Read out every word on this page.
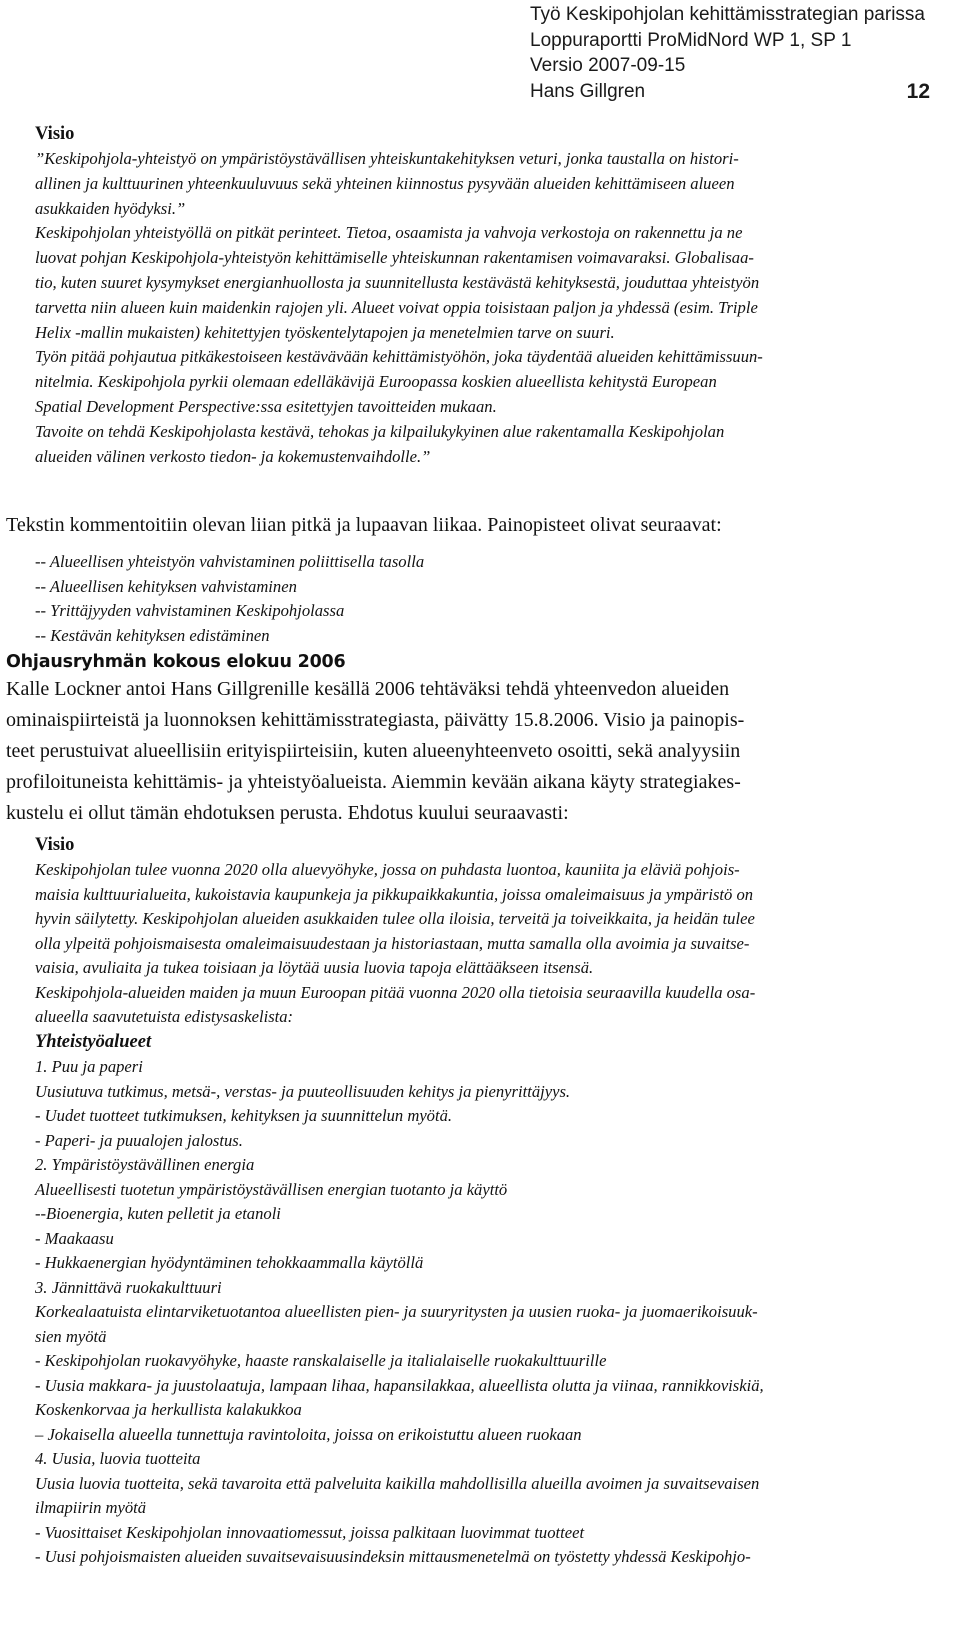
Työ Keskipohjolan kehittämisstrategian parissa
Loppuraportti ProMidNord WP 1, SP 1
Versio 2007-09-15
Hans Gillgren	12

Visio

”Keskipohjola-yhteistyö on ympäristöystävällisen yhteiskuntakehityksen veturi, jonka taustalla on histori-

allinen ja kulttuurinen yhteenkuuluvuus sekä yhteinen kiinnostus pysyvään alueiden kehittämiseen alueen

asukkaiden hyödyksi.”

Keskipohjolan yhteistyöllä on pitkät perinteet. Tietoa, osaamista ja vahvoja verkostoja on rakennettu ja ne

luovat pohjan Keskipohjola-yhteistyön kehittämiselle yhteiskunnan rakentamisen voimavaraksi. Globalisaa-

tio, kuten suuret kysymykset energianhuollosta ja suunnitellusta kestävästä kehityksestä, jouduttaa yhteistyön

tarvetta niin alueen kuin maidenkin rajojen yli. Alueet voivat oppia toisistaan paljon ja yhdessä (esim. Triple

Helix -mallin mukaisten) kehitettyjen työskentelytapojen ja menetelmien tarve on suuri.

Työn pitää pohjautua pitkäkestoiseen kestävävään kehittämistyöhön, joka täydentää alueiden kehittämissuun-

nitelmia. Keskipohjola pyrkii olemaan edelläkävijä Euroopassa koskien alueellista kehitystä European

Spatial Development Perspective:ssa esitettyjen tavoitteiden mukaan.

Tavoite on tehdä Keskipohjolasta kestävä, tehokas ja kilpailukykyinen alue rakentamalla Keskipohjolan

alueiden välinen verkosto tiedon- ja kokemustenvaihdolle.”

Tekstin kommentoitiin olevan liian pitkä ja lupaavan liikaa. Painopisteet olivat seuraavat:

-- Alueellisen yhteistyön vahvistaminen poliittisella tasolla
-- Alueellisen kehityksen vahvistaminen
-- Yrittäjyyden vahvistaminen Keskipohjolassa
-- Kestävän kehityksen edistäminen

Ohjausryhmän kokous elokuu 2006

Kalle Lockner antoi Hans Gillgrenille kesällä 2006 tehtäväksi tehdä yhteenvedon alueiden

ominaispiirteistä ja luonnoksen kehittämisstrategiasta, päivätty 15.8.2006. Visio ja painopis-

teet perustuivat alueellisiin erityispiirteisiin, kuten alueenyhteenveto osoitti, sekä analyysiin

profiloituneista kehittämis- ja yhteistyöalueista. Aiemmin kevään aikana käyty strategiakes-

kustelu ei ollut tämän ehdotuksen perusta. Ehdotus kuului seuraavasti:

Visio

Keskipohjolan tulee vuonna 2020 olla aluevyöhyke, jossa on puhdasta luontoa, kauniita ja eläviä pohjois-
maisia kulttuurialueita, kukoistavia kaupunkeja ja pikkupaikkakuntia, joissa omaleimaisuus ja ympäristö on
hyvin säilytetty. Keskipohjolan alueiden asukkaiden tulee olla iloisia, terveitä ja toiveikkaita, ja heidän tulee
olla ylpeitä pohjoismaisesta omaleimaisuudestaan ja historiastaan, mutta samalla olla avoimia ja suvaitse-
vaisia, avuliaita ja tukea toisiaan ja löytää uusia luovia tapoja elättääkseen itsensä.
Keskipohjola-alueiden maiden ja muun Euroopan pitää vuonna 2020 olla tietoisia seuraavilla kuudella osa-
alueella saavutetuista edistysaskelista:

Yhteistyöalueet

1. Puu ja paperi
Uusiutuva tutkimus, metsä-, verstas- ja puuteollisuuden kehitys ja pienyrittäjyys.
- Uudet tuotteet tutkimuksen, kehityksen ja suunnittelun myötä.
- Paperi- ja puualojen jalostus.
2. Ympäristöystävällinen energia
Alueellisesti tuotetun ympäristöystävällisen energian tuotanto ja käyttö
--Bioenergia, kuten pelletit ja etanoli
- Maakaasu
- Hukkaenergian hyödyntäminen tehokkaammalla käytöllä
3. Jännittävä ruokakulttuuri
Korkealaatuista elintarviketuotantoa alueellisten pien- ja suuryritysten ja uusien ruoka- ja juomaerikoisuuk-
sien myötä
- Keskipohjolan ruokavyöhyke, haaste ranskalaiselle ja italialaiselle ruokakulttuurille
- Uusia makkara- ja juustolaatuja, lampaan lihaa, hapansilakkaa, alueellista olutta ja viinaa, rannikkoviskiä,
Koskenkorvaa ja herkullista kalakukkoa
– Jokaisella alueella tunnettuja ravintoloita, joissa on erikoistuttu alueen ruokaan
4. Uusia, luovia tuotteita
Uusia luovia tuotteita, sekä tavaroita että palveluita kaikilla mahdollisilla alueilla avoimen ja suvaitsevaisen
ilmapiirin myötä
- Vuosittaiset Keskipohjolan innovaatiomessut, joissa palkitaan luovimmat tuotteet
- Uusi pohjoismaisten alueiden suvaitsevaisuusindeksin mittausmenetelmä on työstetty yhdessä Keskipohjo-
